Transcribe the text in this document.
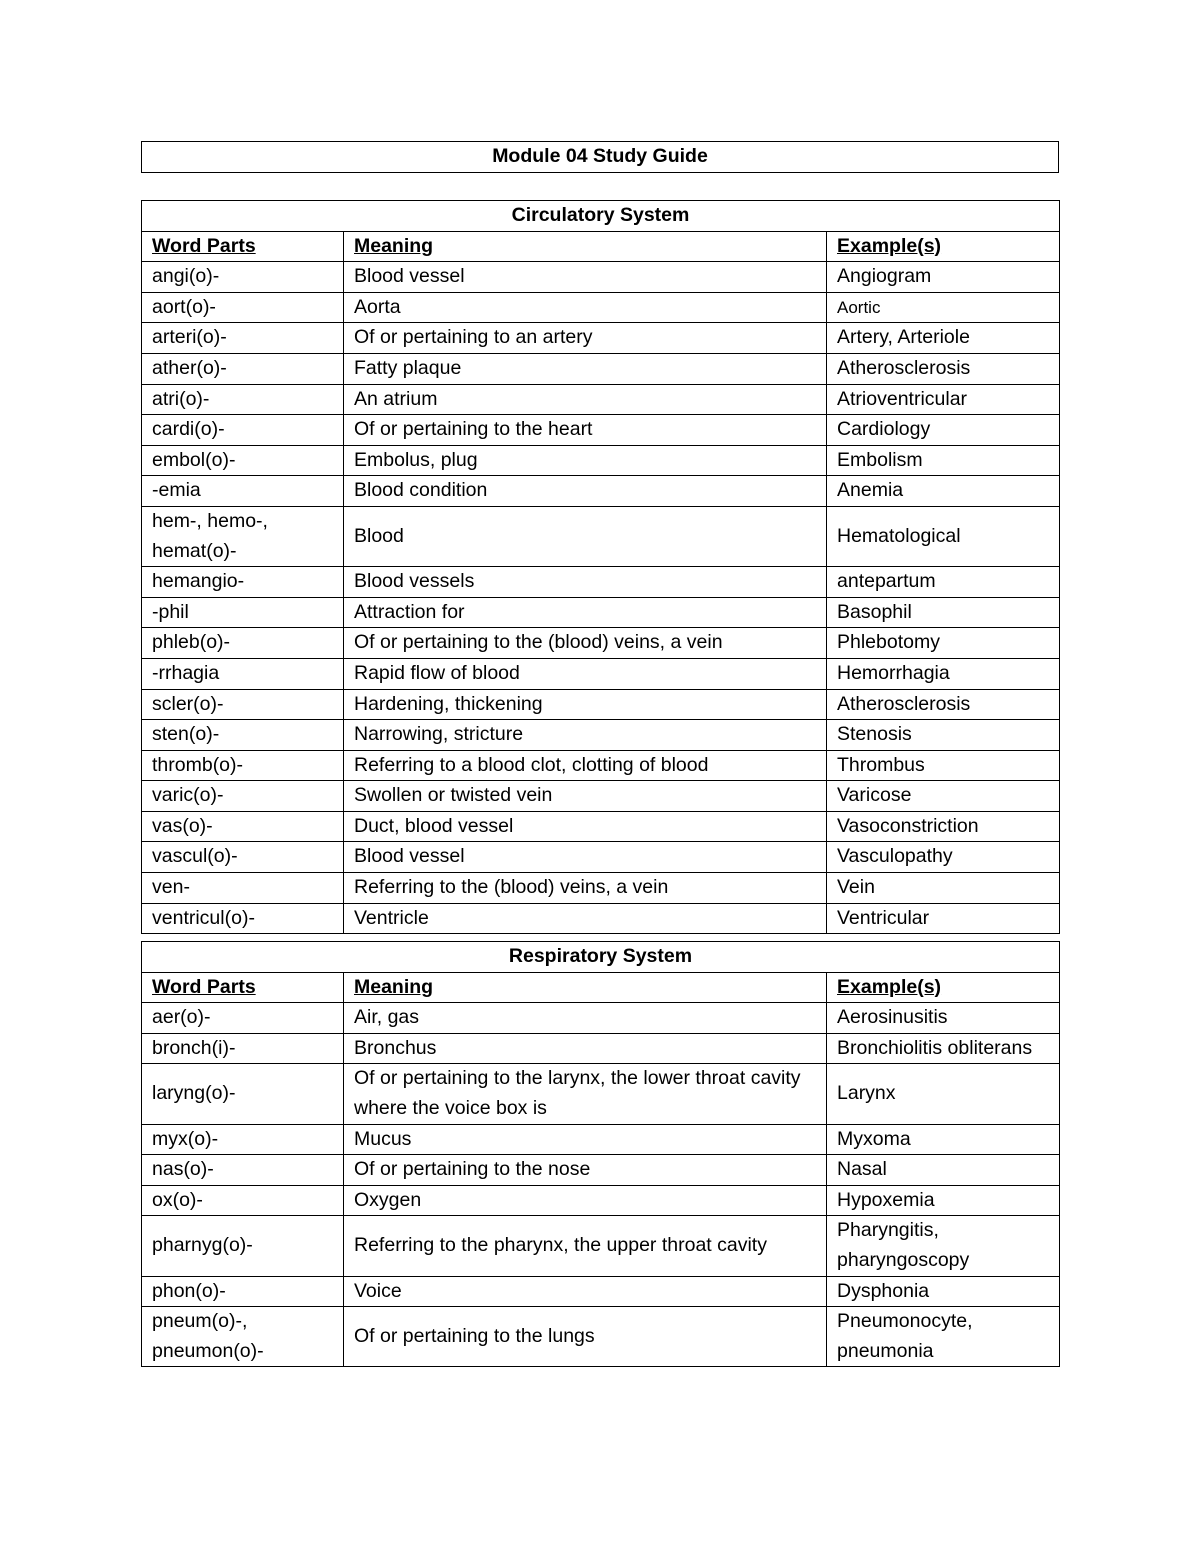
Module 04 Study Guide
Circulatory System		
Word Parts	Meaning	Example(s)
angi(o)-	Blood vessel	Angiogram
aort(o)-	Aorta	Aortic
arteri(o)-	Of or pertaining to an artery	Artery, Arteriole
ather(o)-	Fatty plaque	Atherosclerosis
atri(o)-	An atrium	Atrioventricular
cardi(o)-	Of or pertaining to the heart	Cardiology
embol(o)-	Embolus, plug	Embolism
-emia	Blood condition	Anemia
hem-, hemo-, hemat(o)-	Blood	Hematological
hemangio-	Blood vessels	antepartum
-phil	Attraction for	Basophil
phleb(o)-	Of or pertaining to the (blood) veins, a vein	Phlebotomy
-rrhagia	Rapid flow of blood	Hemorrhagia
scler(o)-	Hardening, thickening	Atherosclerosis
sten(o)-	Narrowing, stricture	Stenosis
thromb(o)-	Referring to a blood clot, clotting of blood	Thrombus
varic(o)-	Swollen or twisted vein	Varicose
vas(o)-	Duct, blood vessel	Vasoconstriction
vascul(o)-	Blood vessel	Vasculopathy
ven-	Referring to the (blood) veins, a vein	Vein
ventricul(o)-	Ventricle	Ventricular
Respiratory System		
Word Parts	Meaning	Example(s)
aer(o)-	Air, gas	Aerosinusitis
bronch(i)-	Bronchus	Bronchiolitis obliterans
laryng(o)-	Of or pertaining to the larynx, the lower throat cavity where the voice box is	Larynx
myx(o)-	Mucus	Myxoma
nas(o)-	Of or pertaining to the nose	Nasal
ox(o)-	Oxygen	Hypoxemia
pharnyg(o)-	Referring to the pharynx, the upper throat cavity	Pharyngitis, pharyngoscopy
phon(o)-	Voice	Dysphonia
pneum(o)-, pneumon(o)-	Of or pertaining to the lungs	Pneumonocyte, pneumonia
